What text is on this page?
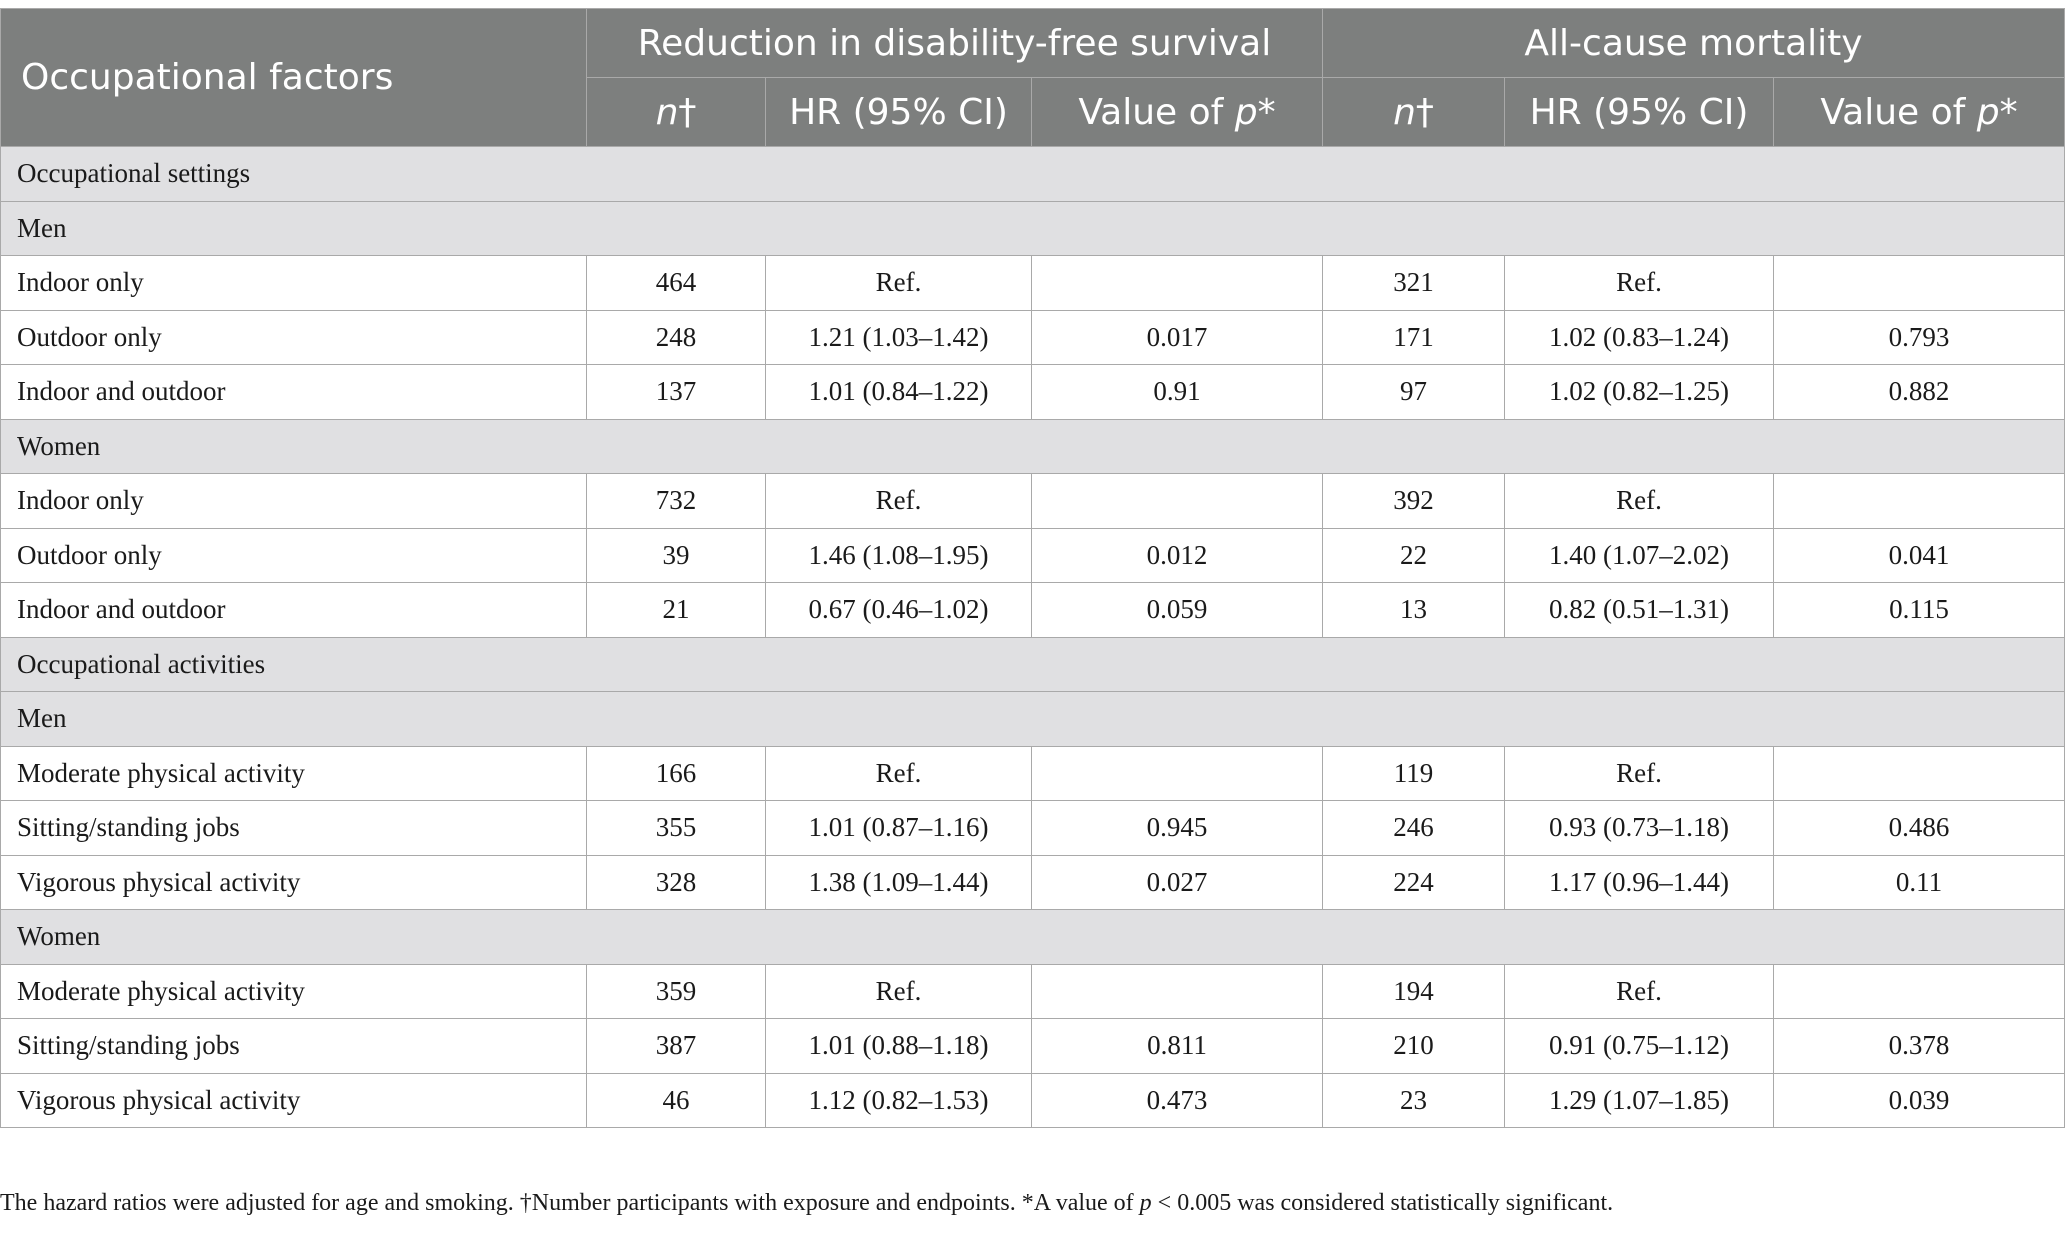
Occupational factors	Reduction in disability-free survival			All-cause mortality		
	n†	HR (95% CI)	Value of p*	n†	HR (95% CI)	Value of p*
Occupational settings						
Men						
Indoor only	464	Ref.		321	Ref.	
Outdoor only	248	1.21 (1.03–1.42)	0.017	171	1.02 (0.83–1.24)	0.793
Indoor and outdoor	137	1.01 (0.84–1.22)	0.91	97	1.02 (0.82–1.25)	0.882
Women						
Indoor only	732	Ref.		392	Ref.	
Outdoor only	39	1.46 (1.08–1.95)	0.012	22	1.40 (1.07–2.02)	0.041
Indoor and outdoor	21	0.67 (0.46–1.02)	0.059	13	0.82 (0.51–1.31)	0.115
Occupational activities						
Men						
Moderate physical activity	166	Ref.		119	Ref.	
Sitting/standing jobs	355	1.01 (0.87–1.16)	0.945	246	0.93 (0.73–1.18)	0.486
Vigorous physical activity	328	1.38 (1.09–1.44)	0.027	224	1.17 (0.96–1.44)	0.11
Women						
Moderate physical activity	359	Ref.		194	Ref.	
Sitting/standing jobs	387	1.01 (0.88–1.18)	0.811	210	0.91 (0.75–1.12)	0.378
Vigorous physical activity	46	1.12 (0.82–1.53)	0.473	23	1.29 (1.07–1.85)	0.039
The hazard ratios were adjusted for age and smoking. †Number participants with exposure and endpoints. *A value of p < 0.005 was considered statistically significant.
